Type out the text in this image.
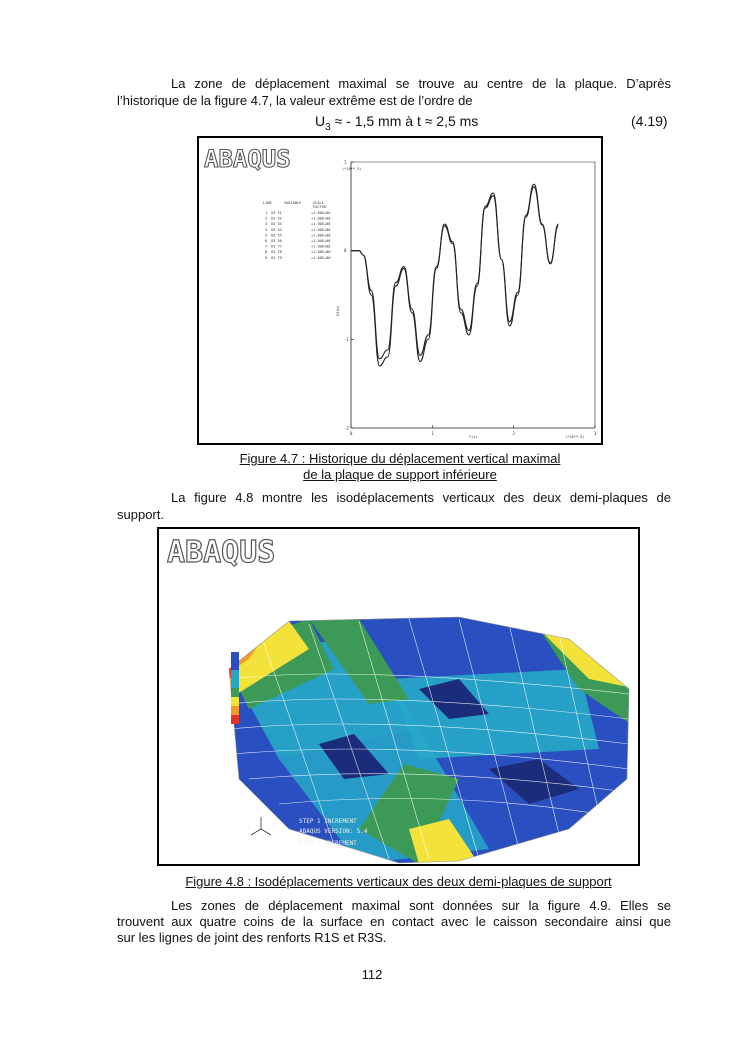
La zone de déplacement maximal se trouve au centre de la plaque. D’après

l’historique de la figure 4.7, la valeur extrême est de l’ordre de

$U_3$ ≈ - 1,5 mm à t ≈ 2,5 ms	(4.19)
ABAQUS
LINE	VARIABLE	SCALE
FACTOR
1 U3 51	+1.00E+00
2 U3 52	+1.00E+00
3 U3 53	+1.00E+00
4 U3 54	+1.00E+00
5 U3 55	+1.00E+00
6 U3 56	+1.00E+00
7 U3 77	+1.00E+00
8 U3 78	+1.00E+00
9 U3 79	+1.00E+00
0	1	2	3
1
0
-1
-2
(*10**-3)
(*10**-3)
T(s)
U3(m)
Figure 4.7 : Historique du déplacement vertical maximal
de la plaque de support inférieure

La figure 4.8 montre les isodéplacements verticaux des deux demi-plaques de

support.

ABAQUS
STEP 1 INCREMENT
ABAQUS VERSION: 5.4
STEP 1 INCREMENT
Figure 4.8 : Isodéplacements verticaux des deux demi-plaques de support

Les zones de déplacement maximal sont données sur la figure 4.9. Elles se

trouvent aux quatre coins de la surface en contact avec le caisson secondaire ainsi que

sur les lignes de joint des renforts R1S et R3S.

112
